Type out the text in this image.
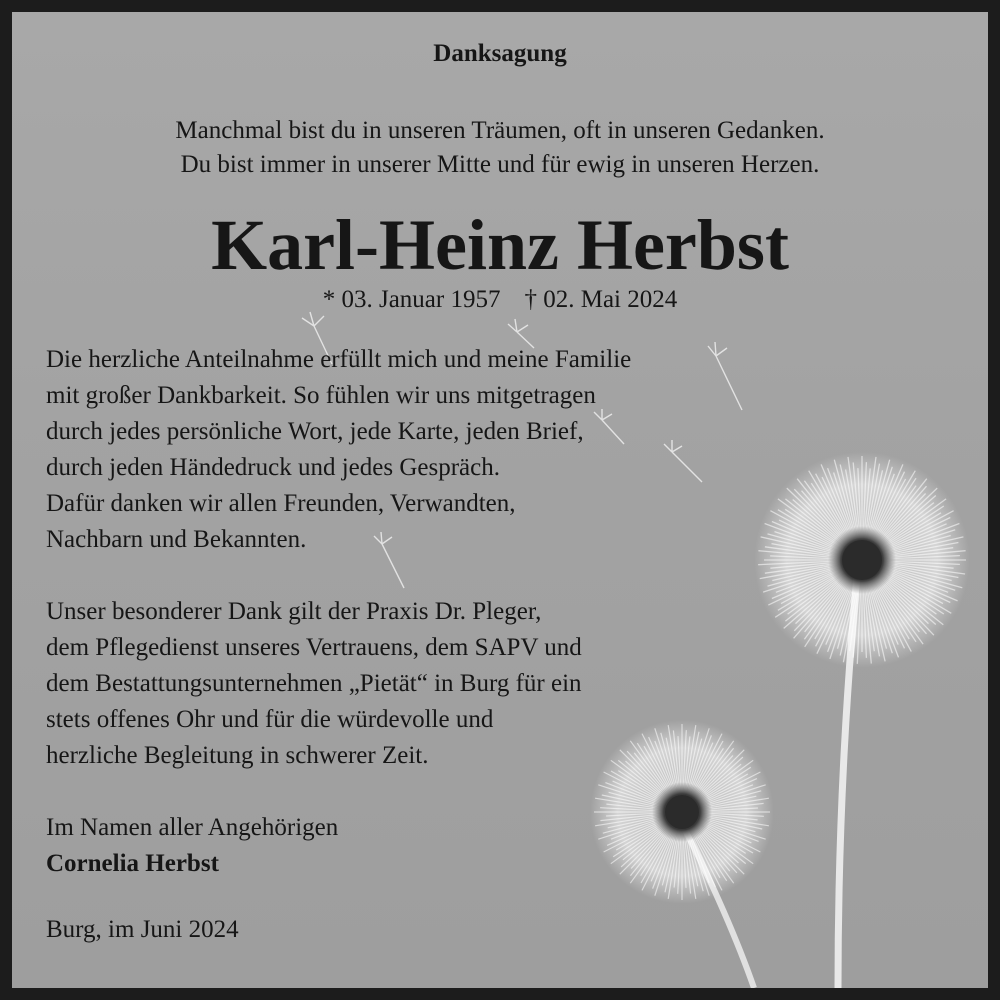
Danksagung
Manchmal bist du in unseren Träumen, oft in unseren Gedanken.
Du bist immer in unserer Mitte und für ewig in unseren Herzen.
Karl-Heinz Herbst
* 03. Januar 1957 † 02. Mai 2024
Die herzliche Anteilnahme erfüllt mich und meine Familie
mit großer Dankbarkeit. So fühlen wir uns mitgetragen
durch jedes persönliche Wort, jede Karte, jeden Brief,
durch jeden Händedruck und jedes Gespräch.
Dafür danken wir allen Freunden, Verwandten,
Nachbarn und Bekannten.
Unser besonderer Dank gilt der Praxis Dr. Pleger,
dem Pflegedienst unseres Vertrauens, dem SAPV und
dem Bestattungsunternehmen „Pietät“ in Burg für ein
stets offenes Ohr und für die würdevolle und
herzliche Begleitung in schwerer Zeit.
Im Namen aller Angehörigen
Cornelia Herbst
Burg, im Juni 2024
